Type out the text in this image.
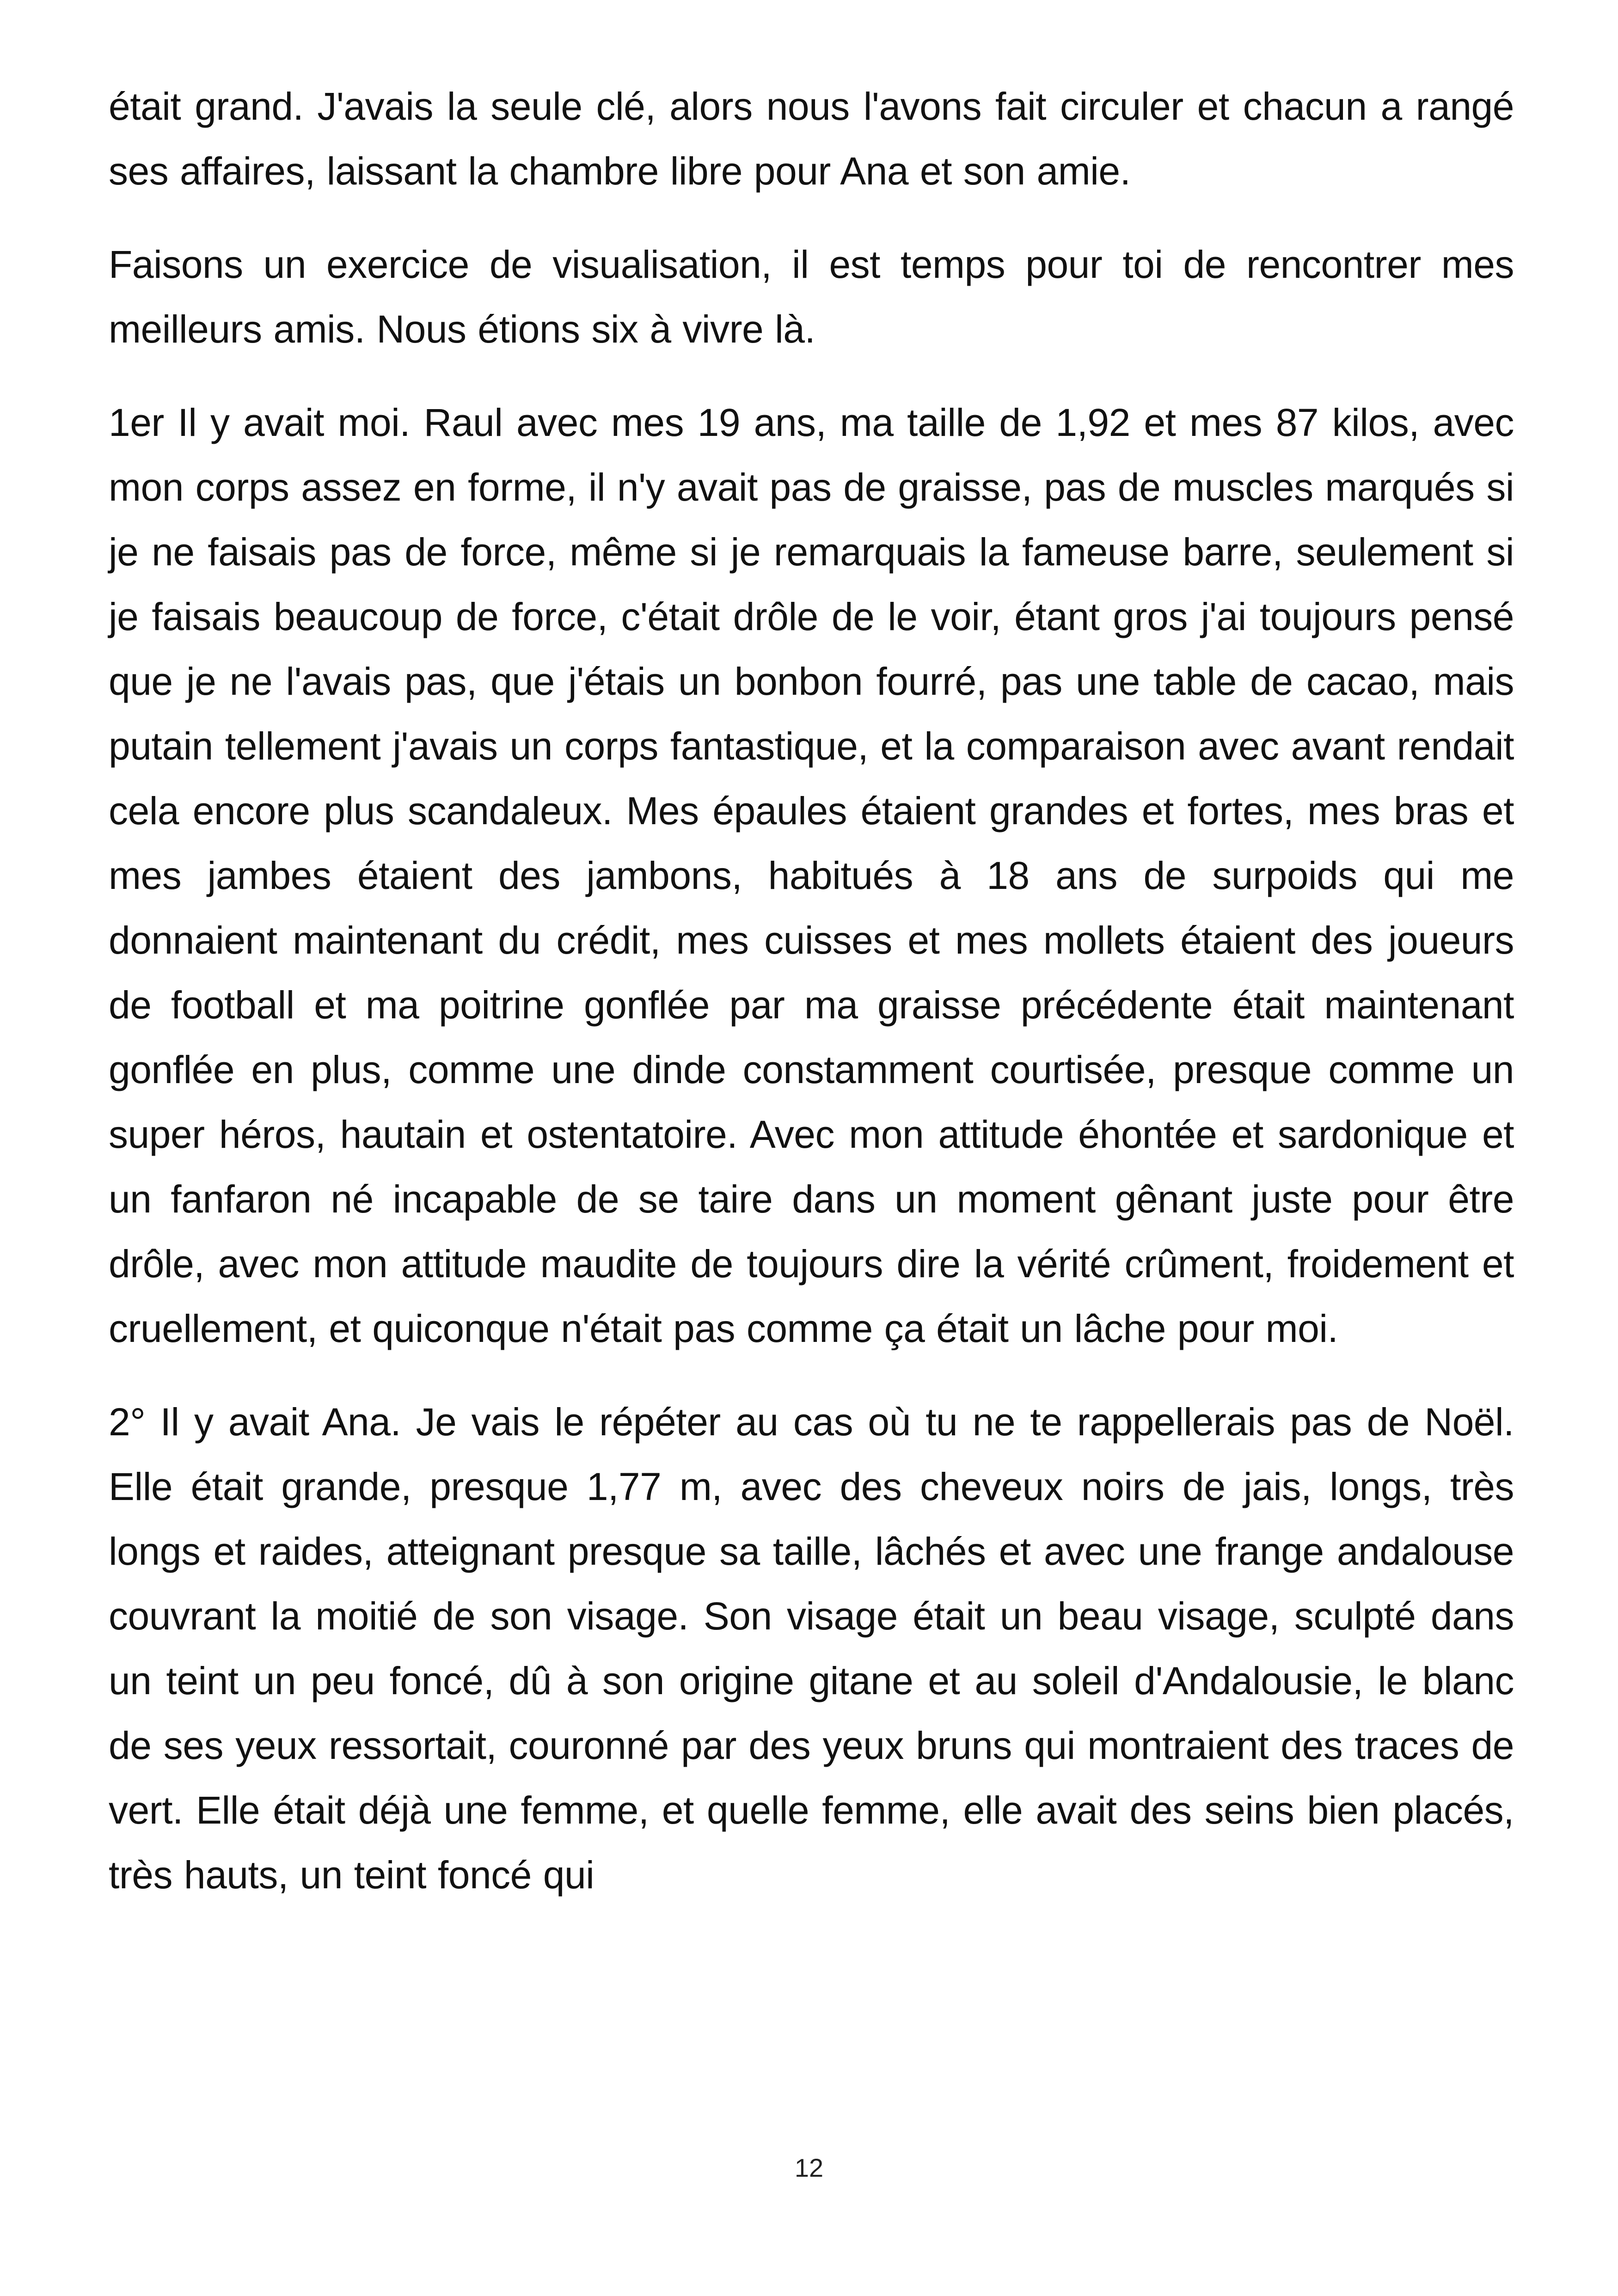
était grand. J'avais la seule clé, alors nous l'avons fait circuler et chacun a rangé ses affaires, laissant la chambre libre pour Ana et son amie.

Faisons un exercice de visualisation, il est temps pour toi de rencontrer mes meilleurs amis. Nous étions six à vivre là.

1er Il y avait moi. Raul avec mes 19 ans, ma taille de 1,92 et mes 87 kilos, avec mon corps assez en forme, il n'y avait pas de graisse, pas de muscles marqués si je ne faisais pas de force, même si je remarquais la fameuse barre, seulement si je faisais beaucoup de force, c'était drôle de le voir, étant gros j'ai toujours pensé que je ne l'avais pas, que j'étais un bonbon fourré, pas une table de cacao, mais putain tellement j'avais un corps fantastique, et la comparaison avec avant rendait cela encore plus scandaleux. Mes épaules étaient grandes et fortes, mes bras et mes jambes étaient des jambons, habitués à 18 ans de surpoids qui me donnaient maintenant du crédit, mes cuisses et mes mollets étaient des joueurs de football et ma poitrine gonflée par ma graisse précédente était maintenant gonflée en plus, comme une dinde constamment courtisée, presque comme un super héros, hautain et ostentatoire. Avec mon attitude éhontée et sardonique et un fanfaron né incapable de se taire dans un moment gênant juste pour être drôle, avec mon attitude maudite de toujours dire la vérité crûment, froidement et cruellement, et quiconque n'était pas comme ça était un lâche pour moi.

2° Il y avait Ana. Je vais le répéter au cas où tu ne te rappellerais pas de Noël. Elle était grande, presque 1,77 m, avec des cheveux noirs de jais, longs, très longs et raides, atteignant presque sa taille, lâchés et avec une frange andalouse couvrant la moitié de son visage. Son visage était un beau visage, sculpté dans un teint un peu foncé, dû à son origine gitane et au soleil d'Andalousie, le blanc de ses yeux ressortait, couronné par des yeux bruns qui montraient des traces de vert. Elle était déjà une femme, et quelle femme, elle avait des seins bien placés, très hauts, un teint foncé qui

12
